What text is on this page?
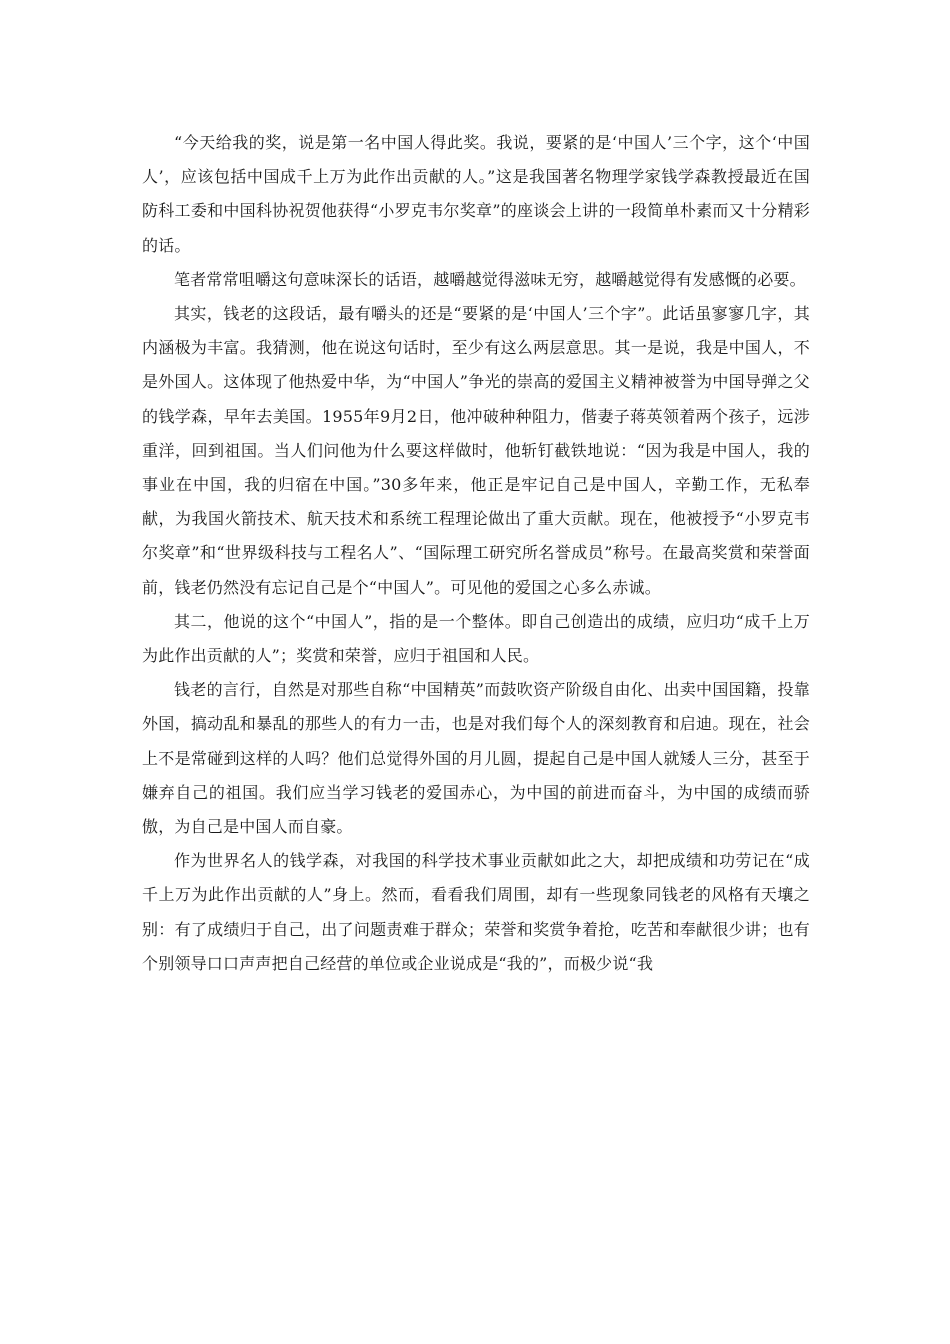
“今天给我的奖，说是第一名中国人得此奖。我说，要紧的是‘中国人’三个字，这个‘中国人’，应该包括中国成千上万为此作出贡献的人。”这是我国著名物理学家钱学森教授最近在国防科工委和中国科协祝贺他获得“小罗克韦尔奖章”的座谈会上讲的一段简单朴素而又十分精彩的话。

笔者常常咀嚼这句意味深长的话语，越嚼越觉得滋味无穷，越嚼越觉得有发感慨的必要。

其实，钱老的这段话，最有嚼头的还是“要紧的是‘中国人’三个字”。此话虽寥寥几字，其内涵极为丰富。我猜测，他在说这句话时，至少有这么两层意思。其一是说，我是中国人，不是外国人。这体现了他热爱中华，为“中国人”争光的崇高的爱国主义精神被誉为中国导弹之父的钱学森，早年去美国。1955年9月2日，他冲破种种阻力，偕妻子蒋英领着两个孩子，远涉重洋，回到祖国。当人们问他为什么要这样做时，他斩钉截铁地说：“因为我是中国人，我的事业在中国，我的归宿在中国。”30多年来，他正是牢记自己是中国人，辛勤工作，无私奉献，为我国火箭技术、航天技术和系统工程理论做出了重大贡献。现在，他被授予“小罗克韦尔奖章”和“世界级科技与工程名人”、“国际理工研究所名誉成员”称号。在最高奖赏和荣誉面前，钱老仍然没有忘记自己是个“中国人”。可见他的爱国之心多么赤诚。

其二，他说的这个“中国人”，指的是一个整体。即自己创造出的成绩，应归功“成千上万为此作出贡献的人”；奖赏和荣誉，应归于祖国和人民。

钱老的言行，自然是对那些自称“中国精英”而鼓吹资产阶级自由化、出卖中国国籍，投靠外国，搞动乱和暴乱的那些人的有力一击，也是对我们每个人的深刻教育和启迪。现在，社会上不是常碰到这样的人吗？他们总觉得外国的月儿圆，提起自己是中国人就矮人三分，甚至于嫌弃自己的祖国。我们应当学习钱老的爱国赤心，为中国的前进而奋斗，为中国的成绩而骄傲，为自己是中国人而自豪。

作为世界名人的钱学森，对我国的科学技术事业贡献如此之大，却把成绩和功劳记在“成千上万为此作出贡献的人”身上。然而，看看我们周围，却有一些现象同钱老的风格有天壤之别：有了成绩归于自己，出了问题责难于群众；荣誉和奖赏争着抢，吃苦和奉献很少讲；也有个别领导口口声声把自己经营的单位或企业说成是“我的”，而极少说“我
